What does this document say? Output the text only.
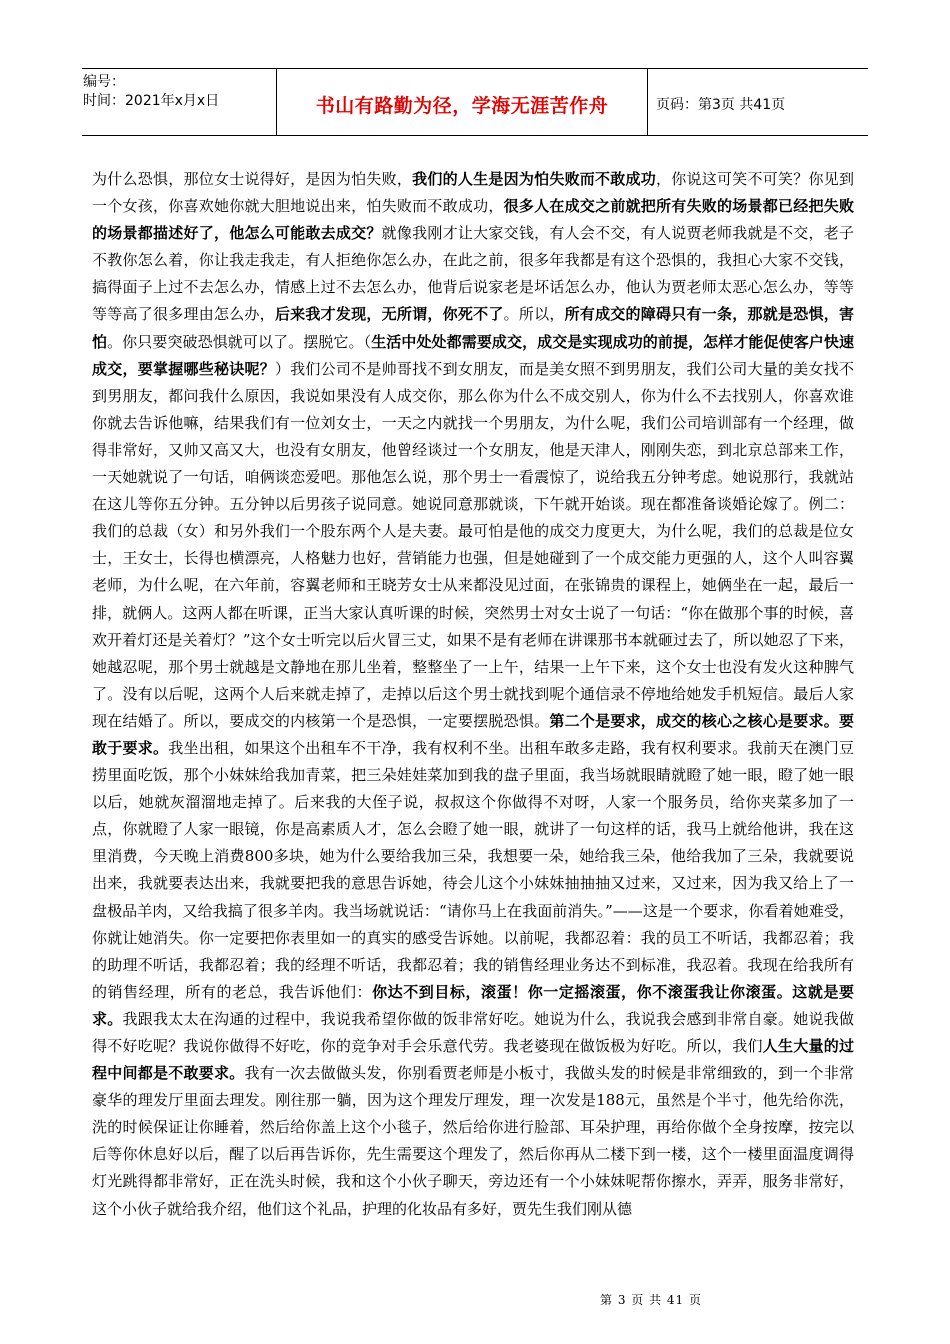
编号：
时间：2021年x月x日	书山有路勤为径，学海无涯苦作舟	页码：第3页 共41页
为什么恐惧，那位女士说得好，是因为怕失败，我们的人生是因为怕失败而不敢成功，你说这可笑不可笑？你见到一个女孩，你喜欢她你就大胆地说出来，怕失败而不敢成功，很多人在成交之前就把所有失败的场景都已经把失败的场景都描述好了，他怎么可能敢去成交？就像我刚才让大家交钱，有人会不交，有人说贾老师我就是不交，老子不教你怎么着，你让我走我走，有人拒绝你怎么办，在此之前，很多年我都是有这个恐惧的，我担心大家不交钱，搞得面子上过不去怎么办，情感上过不去怎么办，他背后说家老是坏话怎么办，他认为贾老师太恶心怎么办，等等等等高了很多理由怎么办，后来我才发现，无所谓，你死不了。所以，所有成交的障碍只有一条，那就是恐惧，害怕。你只要突破恐惧就可以了。摆脱它。（生活中处处都需要成交，成交是实现成功的前提，怎样才能促使客户快速成交，要掌握哪些秘诀呢？）我们公司不是帅哥找不到女朋友，而是美女照不到男朋友，我们公司大量的美女找不到男朋友，都问我什么原因，我说如果没有人成交你，那么你为什么不成交别人，你为什么不去找别人，你喜欢谁你就去告诉他嘛，结果我们有一位刘女士，一天之内就找一个男朋友，为什么呢，我们公司培训部有一个经理，做得非常好，又帅又高又大，也没有女朋友，他曾经谈过一个女朋友，他是天津人，刚刚失恋，到北京总部来工作，一天她就说了一句话，咱俩谈恋爱吧。那他怎么说，那个男士一看震惊了，说给我五分钟考虑。她说那行，我就站在这儿等你五分钟。五分钟以后男孩子说同意。她说同意那就谈，下午就开始谈。现在都准备谈婚论嫁了。例二：我们的总裁（女）和另外我们一个股东两个人是夫妻。最可怕是他的成交力度更大，为什么呢，我们的总裁是位女士，王女士，长得也横漂亮，人格魅力也好，营销能力也强，但是她碰到了一个成交能力更强的人，这个人叫容翼老师，为什么呢，在六年前，容翼老师和王晓芳女士从来都没见过面，在张锦贵的课程上，她俩坐在一起，最后一排，就俩人。这两人都在听课，正当大家认真听课的时候，突然男士对女士说了一句话：“你在做那个事的时候，喜欢开着灯还是关着灯？”这个女士听完以后火冒三丈，如果不是有老师在讲课那书本就砸过去了，所以她忍了下来，她越忍呢，那个男士就越是文静地在那儿坐着，整整坐了一上午，结果一上午下来，这个女士也没有发火这种脾气了。没有以后呢，这两个人后来就走掉了，走掉以后这个男士就找到呢个通信录不停地给她发手机短信。最后人家现在结婚了。所以，要成交的内核第一个是恐惧，一定要摆脱恐惧。第二个是要求，成交的核心之核心是要求。要敢于要求。我坐出租，如果这个出租车不干净，我有权利不坐。出租车敢多走路，我有权利要求。我前天在澳门豆捞里面吃饭，那个小妹妹给我加青菜，把三朵娃娃菜加到我的盘子里面，我当场就眼睛就瞪了她一眼，瞪了她一眼以后，她就灰溜溜地走掉了。后来我的大侄子说，叔叔这个你做得不对呀，人家一个服务员，给你夹菜多加了一点，你就瞪了人家一眼镜，你是高素质人才，怎么会瞪了她一眼，就讲了一句这样的话，我马上就给他讲，我在这里消费，今天晚上消费800多块，她为什么要给我加三朵，我想要一朵，她给我三朵，他给我加了三朵，我就要说出来，我就要表达出来，我就要把我的意思告诉她，待会儿这个小妹妹抽抽抽又过来，又过来，因为我又给上了一盘极品羊肉，又给我搞了很多羊肉。我当场就说话：“请你马上在我面前消失。”——这是一个要求，你看着她难受，你就让她消失。你一定要把你表里如一的真实的感受告诉她。以前呢，我都忍着：我的员工不听话，我都忍着；我的助理不听话，我都忍着；我的经理不听话，我都忍着；我的销售经理业务达不到标准，我忍着。我现在给我所有的销售经理，所有的老总，我告诉他们：你达不到目标，滚蛋！你一定摇滚蛋，你不滚蛋我让你滚蛋。这就是要求。我跟我太太在沟通的过程中，我说我希望你做的饭非常好吃。她说为什么，我说我会感到非常自豪。她说我做得不好吃呢？我说你做得不好吃，你的竞争对手会乐意代劳。我老婆现在做饭极为好吃。所以，我们人生大量的过程中间都是不敢要求。我有一次去做做头发，你别看贾老师是小板寸，我做头发的时候是非常细致的，到一个非常豪华的理发厅里面去理发。刚往那一躺，因为这个理发厅理发，理一次发是188元，虽然是个半寸，他先给你洗，洗的时候保证让你睡着，然后给你盖上这个小毯子，然后给你进行脸部、耳朵护理，再给你做个全身按摩，按完以后等你休息好以后，醒了以后再告诉你，先生需要这个理发了，然后你再从二楼下到一楼，这个一楼里面温度调得灯光跳得都非常好，正在洗头时候，我和这个小伙子聊天，旁边还有一个小妹妹呢帮你擦水，弄弄，服务非常好，这个小伙子就给我介绍，他们这个礼品，护理的化妆品有多好，贾先生我们刚从德
第 3 页 共 41 页
